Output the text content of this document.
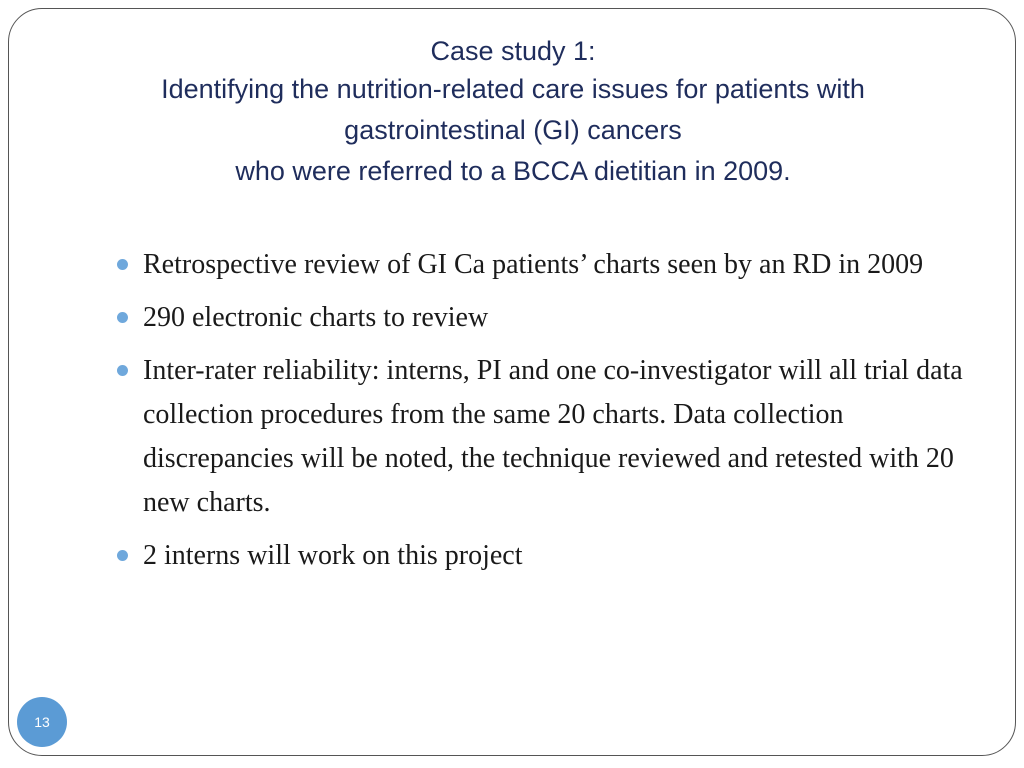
Case study 1:
Identifying the nutrition-related care issues for patients with
gastrointestinal (GI) cancers
who were referred to a BCCA dietitian in 2009.
Retrospective review of GI Ca patients’ charts seen by an RD in 2009
290 electronic charts to review
Inter-rater reliability: interns, PI and one co-investigator will all trial data collection procedures from the same 20 charts. Data collection discrepancies will be noted, the technique reviewed and retested with 20 new charts.
2 interns will work on this project
13
